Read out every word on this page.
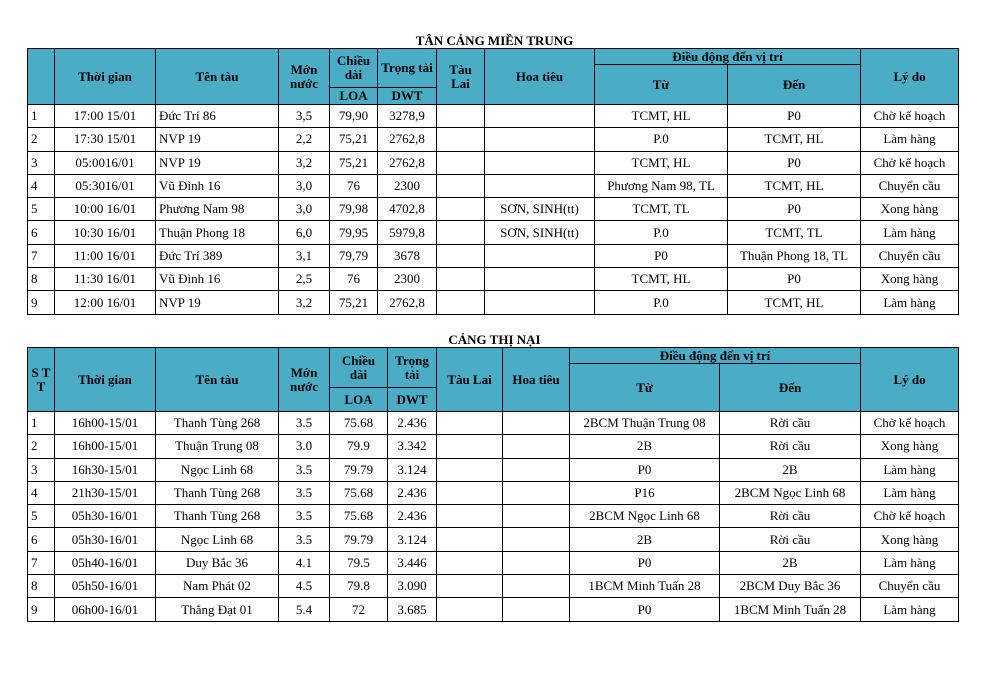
TÂN CẢNG MIỀN TRUNG
	Thời gian	Tên tàu	Mớn nước	Chiều dài	Trọng tải	Tàu Lai	Hoa tiêu	Điều động đến vị trí		Lý do
								Từ	Đến	
				LOA	DWT					
1	17:00 15/01	Đức Trí 86	3,5	79,90	3278,9			TCMT, HL	P0	Chờ kế hoạch
2	17:30 15/01	NVP 19	2,2	75,21	2762,8			P.0	TCMT, HL	Làm hàng
3	05:0016/01	NVP 19	3,2	75,21	2762,8			TCMT, HL	P0	Chờ kế hoạch
4	05:3016/01	Vũ Đình 16	3,0	76	2300			Phương Nam 98, TL	TCMT, HL	Chuyển cầu
5	10:00 16/01	Phương Nam 98	3,0	79,98	4702,8		SƠN, SINH(tt)	TCMT, TL	P0	Xong hàng
6	10:30 16/01	Thuận Phong 18	6,0	79,95	5979,8		SƠN, SINH(tt)	P.0	TCMT, TL	Làm hàng
7	11:00 16/01	Đức Trí 389	3,1	79,79	3678			P0	Thuận Phong 18, TL	Chuyển cầu
8	11:30 16/01	Vũ Đình 16	2,5	76	2300			TCMT, HL	P0	Xong hàng
9	12:00 16/01	NVP 19	3,2	75,21	2762,8			P.0	TCMT, HL	Làm hàng
CẢNG THỊ NẠI
S T T	Thời gian	Tên tàu	Mớn nước	Chiều dài	Trọng tải	Tàu Lai	Hoa tiêu	Điều động đến vị trí		Lý do
								Từ	Đến	
				LOA	DWT					
1	16h00-15/01	Thanh Tùng 268	3.5	75.68	2.436			2BCM Thuận Trung 08	Rời cầu	Chờ kế hoạch
2	16h00-15/01	Thuận Trung 08	3.0	79.9	3.342			2B	Rời cầu	Xong hàng
3	16h30-15/01	Ngọc Linh 68	3.5	79.79	3.124			P0	2B	Làm hàng
4	21h30-15/01	Thanh Tùng 268	3.5	75.68	2.436			P16	2BCM Ngọc Linh 68	Làm hàng
5	05h30-16/01	Thanh Tùng 268	3.5	75.68	2.436			2BCM Ngọc Linh 68	Rời cầu	Chờ kế hoạch
6	05h30-16/01	Ngọc Linh 68	3.5	79.79	3.124			2B	Rời cầu	Xong hàng
7	05h40-16/01	Duy Bắc 36	4.1	79.5	3.446			P0	2B	Làm hàng
8	05h50-16/01	Nam Phát 02	4.5	79.8	3.090			1BCM Minh Tuấn 28	2BCM Duy Bắc 36	Chuyển cầu
9	06h00-16/01	Thắng Đạt 01	5.4	72	3.685			P0	1BCM Minh Tuấn 28	Làm hàng
